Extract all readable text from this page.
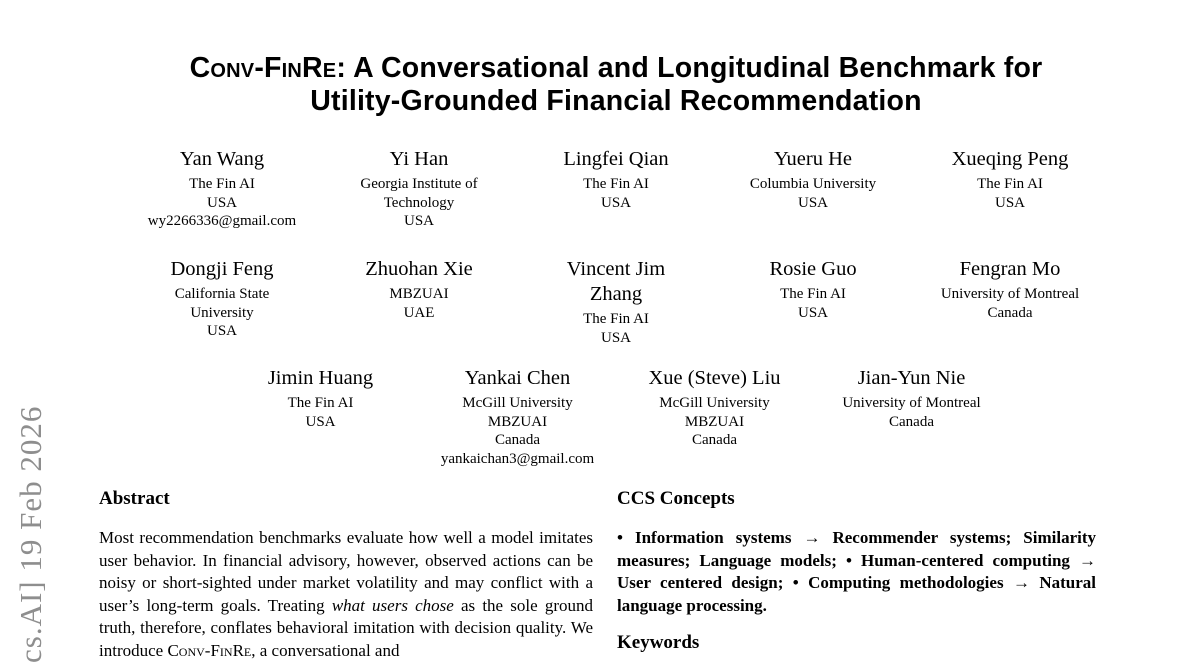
cs.AI] 19 Feb 2026
Conv-FinRe: A Conversational and Longitudinal Benchmark for
Utility-Grounded Financial Recommendation
Yan Wang
The Fin AI
USA
wy2266336@gmail.com
Yi Han
Georgia Institute of
Technology
USA
Lingfei Qian
The Fin AI
USA
Yueru He
Columbia University
USA
Xueqing Peng
The Fin AI
USA
Dongji Feng
California State
University
USA
Zhuohan Xie
MBZUAI
UAE
Vincent Jim Zhang
The Fin AI
USA
Rosie Guo
The Fin AI
USA
Fengran Mo
University of Montreal
Canada
Jimin Huang
The Fin AI
USA
Yankai Chen
McGill University
MBZUAI
Canada
yankaichan3@gmail.com
Xue (Steve) Liu
McGill University
MBZUAI
Canada
Jian-Yun Nie
University of Montreal
Canada
Abstract
Most recommendation benchmarks evaluate how well a model imitates user behavior. In financial advisory, however, observed actions can be noisy or short-sighted under market volatility and may conflict with a user’s long-term goals. Treating what users chose as the sole ground truth, therefore, conflates behavioral imitation with decision quality. We introduce Conv-FinRe, a conversational and
CCS Concepts
• Information systems → Recommender systems; Similarity measures; Language models; • Human-centered computing → User centered design; • Computing methodologies → Natural language processing.
Keywords
